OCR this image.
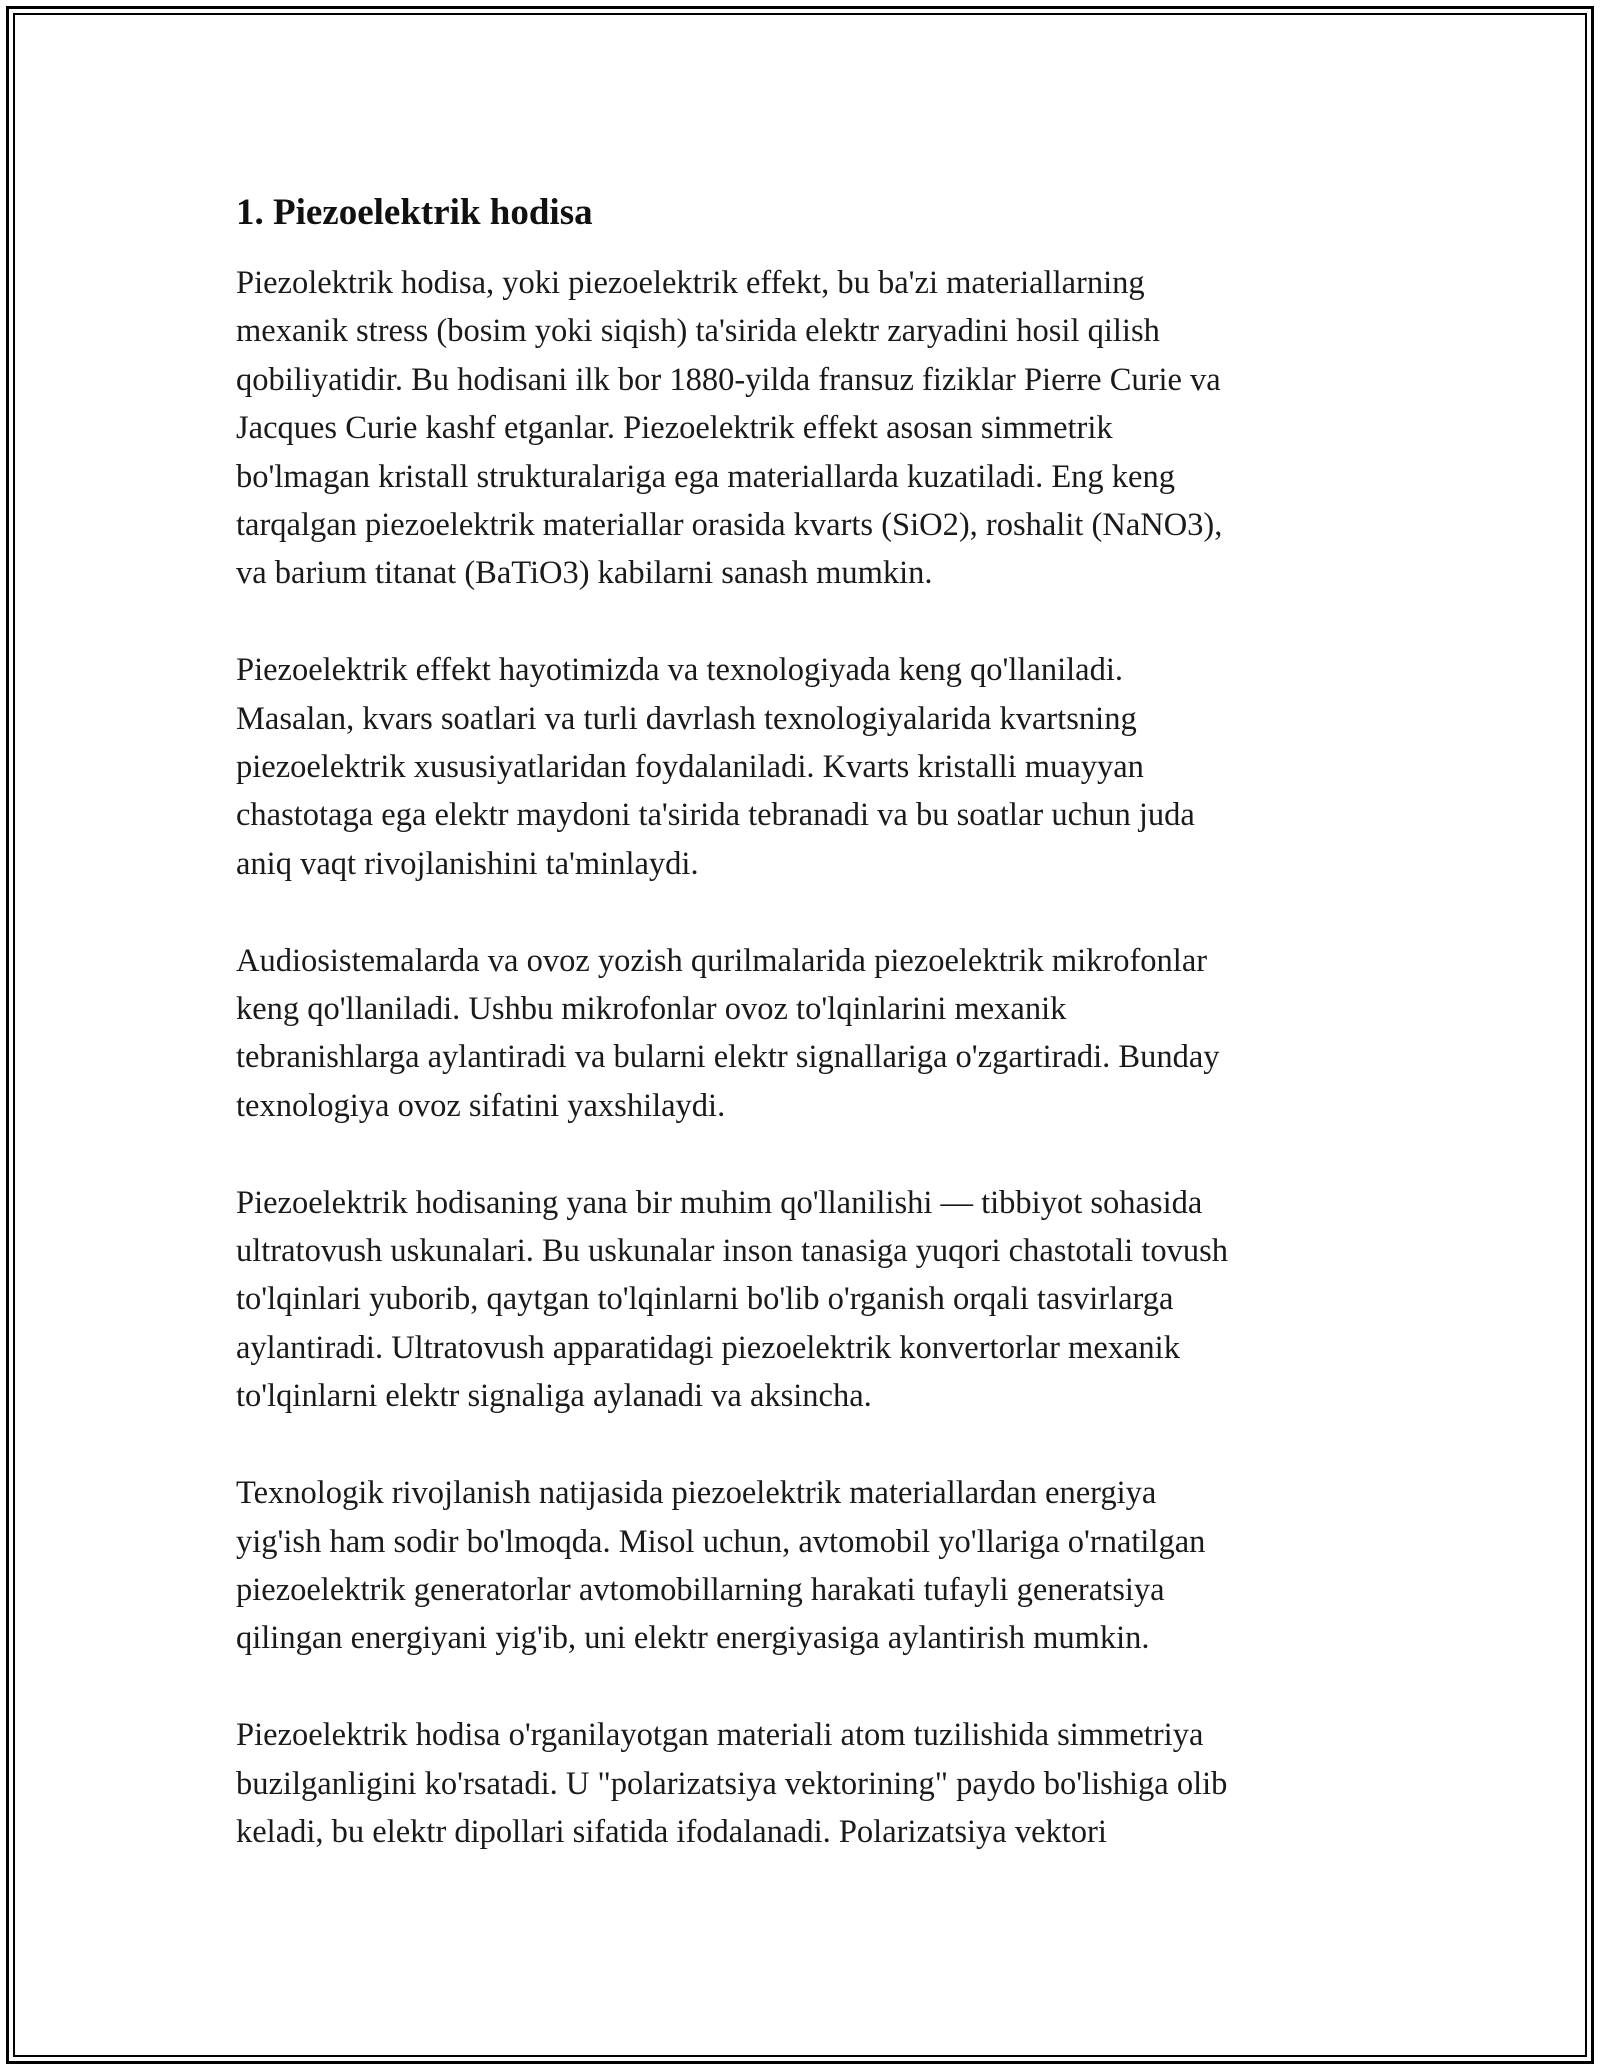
1. Piezoelektrik hodisa

Piezolektrik hodisa, yoki piezoelektrik effekt, bu ba'zi materiallarning
mexanik stress (bosim yoki siqish) ta'sirida elektr zaryadini hosil qilish
qobiliyatidir. Bu hodisani ilk bor 1880-yilda fransuz fiziklar Pierre Curie va
Jacques Curie kashf etganlar. Piezoelektrik effekt asosan simmetrik
bo'lmagan kristall strukturalariga ega materiallarda kuzatiladi. Eng keng
tarqalgan piezoelektrik materiallar orasida kvarts (SiO2), roshalit (NaNO3),
va barium titanat (BaTiO3) kabilarni sanash mumkin.

Piezoelektrik effekt hayotimizda va texnologiyada keng qo'llaniladi.
Masalan, kvars soatlari va turli davrlash texnologiyalarida kvartsning
piezoelektrik xususiyatlaridan foydalaniladi. Kvarts kristalli muayyan
chastotaga ega elektr maydoni ta'sirida tebranadi va bu soatlar uchun juda
aniq vaqt rivojlanishini ta'minlaydi.

Audiosistemalarda va ovoz yozish qurilmalarida piezoelektrik mikrofonlar
keng qo'llaniladi. Ushbu mikrofonlar ovoz to'lqinlarini mexanik
tebranishlarga aylantiradi va bularni elektr signallariga o'zgartiradi. Bunday
texnologiya ovoz sifatini yaxshilaydi.

Piezoelektrik hodisaning yana bir muhim qo'llanilishi — tibbiyot sohasida
ultratovush uskunalari. Bu uskunalar inson tanasiga yuqori chastotali tovush
to'lqinlari yuborib, qaytgan to'lqinlarni bo'lib o'rganish orqali tasvirlarga
aylantiradi. Ultratovush apparatidagi piezoelektrik konvertorlar mexanik
to'lqinlarni elektr signaliga aylanadi va aksincha.

Texnologik rivojlanish natijasida piezoelektrik materiallardan energiya
yig'ish ham sodir bo'lmoqda. Misol uchun, avtomobil yo'llariga o'rnatilgan
piezoelektrik generatorlar avtomobillarning harakati tufayli generatsiya
qilingan energiyani yig'ib, uni elektr energiyasiga aylantirish mumkin.

Piezoelektrik hodisa o'rganilayotgan materiali atom tuzilishida simmetriya
buzilganligini ko'rsatadi. U "polarizatsiya vektorining" paydo bo'lishiga olib
keladi, bu elektr dipollari sifatida ifodalanadi. Polarizatsiya vektori
